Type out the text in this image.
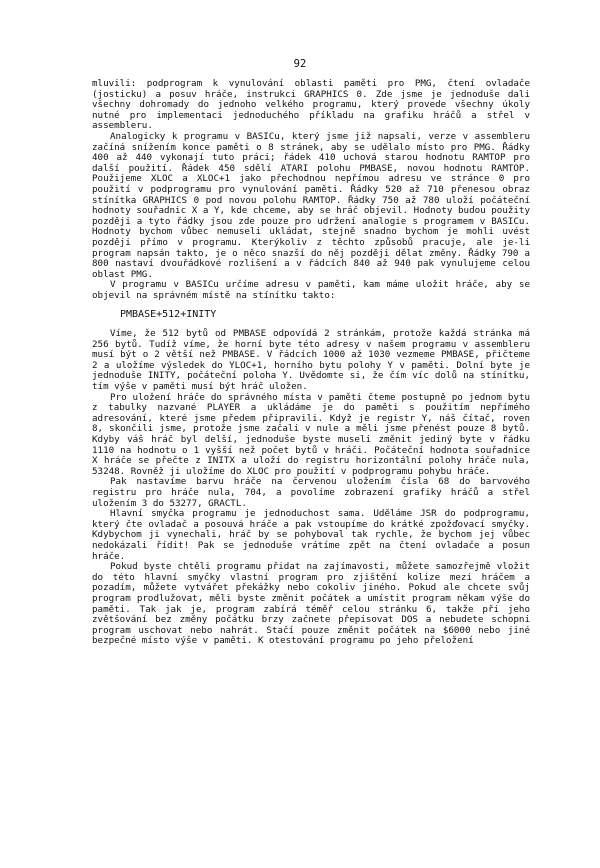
92

mluvili: podprogram k vynulování oblasti paměti pro PMG, čtení ovladače (josticku) a posuv hráče, instrukci GRAPHICS 0. Zde jsme je jednoduše dali všechny dohromady do jednoho velkého programu, který provede všechny úkoly nutné pro implementaci jednoduchého příkladu na grafiku hráčů a střel v assembleru.

Analogicky k programu v BASICu, který jsme již napsali, verze v assembleru začíná snížením konce paměti o 8 stránek, aby se udělalo místo pro PMG. Řádky 400 až 440 vykonají tuto práci; řádek 410 uchová starou hodnotu RAMTOP pro další použití. Řádek 450 sdělí ATARI polohu PMBASE, novou hodnotu RAMTOP. Použijeme XLOC a XLOC+1 jako přechodnou nepřímou adresu ve stránce 0 pro použití v podprogramu pro vynulování paměti. Řádky 520 až 710 přenesou obraz stínítka GRAPHICS 0 pod novou polohu RAMTOP. Řádky 750 až 780 uloží počáteční hodnoty souřadnic X a Y, kde chceme, aby se hráč objevil. Hodnoty budou použity později a tyto řádky jsou zde pouze pro udržení analogie s programem v BASICu. Hodnoty bychom vůbec nemuseli ukládat, stejně snadno bychom je mohli uvést později přímo v programu. Kterýkoliv z těchto způsobů pracuje, ale je-li program napsán takto, je o něco snazší do něj později dělat změny. Řádky 790 a 800 nastaví dvouřádkové rozlišení a v řádcích 840 až 940 pak vynulujeme celou oblast PMG.

V programu v BASICu určíme adresu v paměti, kam máme uložit hráče, aby se objevil na správném místě na stínítku takto:

PMBASE+512+INITY

Víme, že 512 bytů od PMBASE odpovídá 2 stránkám, protože každá stránka má 256 bytů. Tudíž víme, že horní byte této adresy v našem programu v assembleru musí být o 2 větší než PMBASE. V řádcích 1000 až 1030 vezmeme PMBASE, přičteme 2 a uložíme výsledek do YLOC+1, horního bytu polohy Y v paměti. Dolní byte je jednoduše INITY, počáteční poloha Y. Uvědomte si, že čím víc dolů na stínítku, tím výše v paměti musí být hráč uložen.

Pro uložení hráče do správného místa v paměti čteme postupně po jednom bytu z tabulky nazvané PLAYER a ukládáme je do paměti s použitím nepřímého adresování, které jsme předem připravili. Když je registr Y, náš čítač, roven 8, skončili jsme, protože jsme začali v nule a měli jsme přenést pouze 8 bytů. Kdyby váš hráč byl delší, jednoduše byste museli změnit jediný byte v řádku 1110 na hodnotu o 1 vyšší než počet bytů v hráči. Počáteční hodnota souřadnice X hráče se přečte z INITX a uloží do registru horizontální polohy hráče nula, 53248. Rovněž ji uložíme do XLOC pro použití v podprogramu pohybu hráče.

Pak nastavíme barvu hráče na červenou uložením čísla 68 do barvového registru pro hráče nula, 704, a povolíme zobrazení grafiky hráčů a střel uložením 3 do 53277, GRACTL.

Hlavní smyčka programu je jednoduchost sama. Uděláme JSR do podprogramu, který čte ovladač a posouvá hráče a pak vstoupíme do krátké zpožďovací smyčky. Kdybychom ji vynechali, hráč by se pohyboval tak rychle, že bychom jej vůbec nedokázali řídit! Pak se jednoduše vrátíme zpět na čtení ovladače a posun hráče.

Pokud byste chtěli programu přidat na zajímavosti, můžete samozřejmě vložit do této hlavní smyčky vlastní program pro zjištění kolize mezi hráčem a pozadím, můžete vytvářet překážky nebo cokoliv jiného. Pokud ale chcete svůj program prodlužovat, měli byste změnit počátek a umístit program někam výše do paměti. Tak jak je, program zabírá téměř celou stránku 6, takže při jeho zvětšování bez změny počátku brzy začnete přepisovat DOS a nebudete schopni program uschovat nebo nahrát. Stačí pouze změnit počátek na $6000 nebo jiné bezpečné místo výše v paměti. K otestování programu po jeho přeložení
